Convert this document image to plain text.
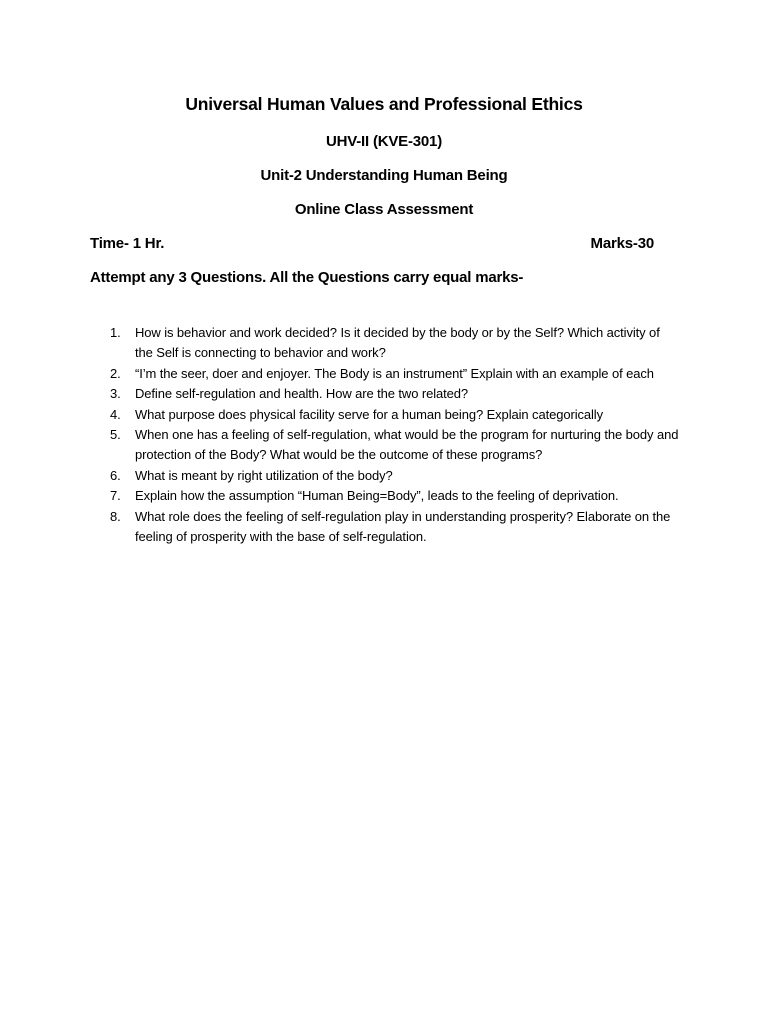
Universal Human Values and Professional Ethics
UHV-II (KVE-301)
Unit-2 Understanding Human Being
Online Class Assessment
Time- 1 Hr.	Marks-30
Attempt any 3 Questions. All the Questions carry equal marks-
1.	How is behavior and work decided? Is it decided by the body or by the Self? Which activity of the Self is connecting to behavior and work?
2.	“I’m the seer, doer and enjoyer. The Body is an instrument” Explain with an example of each
3.	Define self-regulation and health. How are the two related?
4.	What purpose does physical facility serve for a human being? Explain categorically
5.	When one has a feeling of self-regulation, what would be the program for nurturing the body and protection of the Body? What would be the outcome of these programs?
6.	What is meant by right utilization of the body?
7.	Explain how the assumption “Human Being=Body”, leads to the feeling of deprivation.
8.	What role does the feeling of self-regulation play in understanding prosperity? Elaborate on the feeling of prosperity with the base of self-regulation.
